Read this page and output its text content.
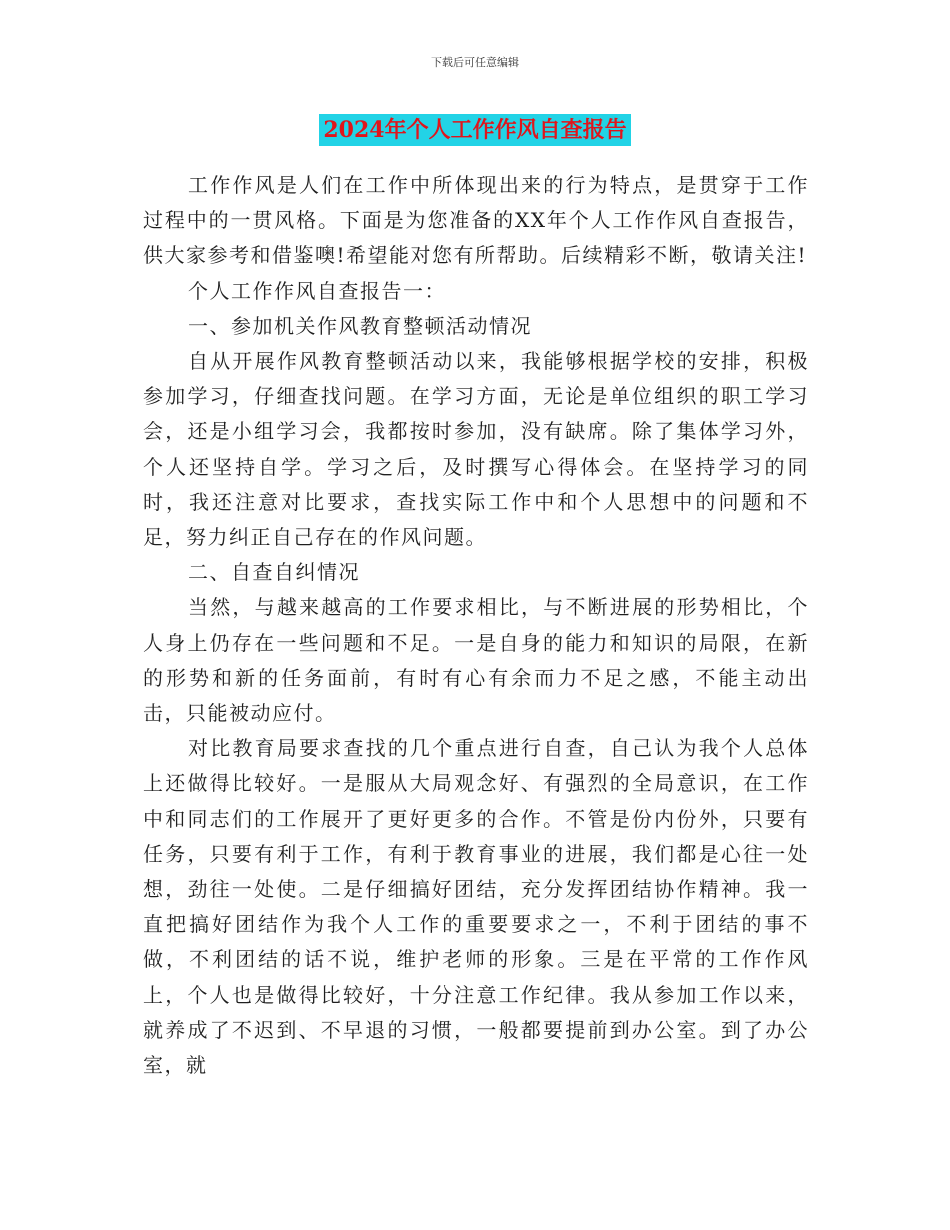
下载后可任意编辑
2024年个人工作作风自查报告

工作作风是人们在工作中所体现出来的行为特点，是贯穿于工作过程中的一贯风格。下面是为您准备的XX年个人工作作风自查报告，供大家参考和借鉴噢!希望能对您有所帮助。后续精彩不断，敬请关注!

个人工作作风自查报告一：

一、参加机关作风教育整顿活动情况

自从开展作风教育整顿活动以来，我能够根据学校的安排，积极参加学习，仔细查找问题。在学习方面，无论是单位组织的职工学习会，还是小组学习会，我都按时参加，没有缺席。除了集体学习外，个人还坚持自学。学习之后，及时撰写心得体会。在坚持学习的同时，我还注意对比要求，查找实际工作中和个人思想中的问题和不足，努力纠正自己存在的作风问题。

二、自查自纠情况

当然，与越来越高的工作要求相比，与不断进展的形势相比，个人身上仍存在一些问题和不足。一是自身的能力和知识的局限，在新的形势和新的任务面前，有时有心有余而力不足之感，不能主动出击，只能被动应付。

对比教育局要求查找的几个重点进行自查，自己认为我个人总体上还做得比较好。一是服从大局观念好、有强烈的全局意识，在工作中和同志们的工作展开了更好更多的合作。不管是份内份外，只要有任务，只要有利于工作，有利于教育事业的进展，我们都是心往一处想，劲往一处使。二是仔细搞好团结，充分发挥团结协作精神。我一直把搞好团结作为我个人工作的重要要求之一，不利于团结的事不做，不利团结的话不说，维护老师的形象。三是在平常的工作作风上，个人也是做得比较好，十分注意工作纪律。我从参加工作以来，就养成了不迟到、不早退的习惯，一般都要提前到办公室。到了办公室，就
